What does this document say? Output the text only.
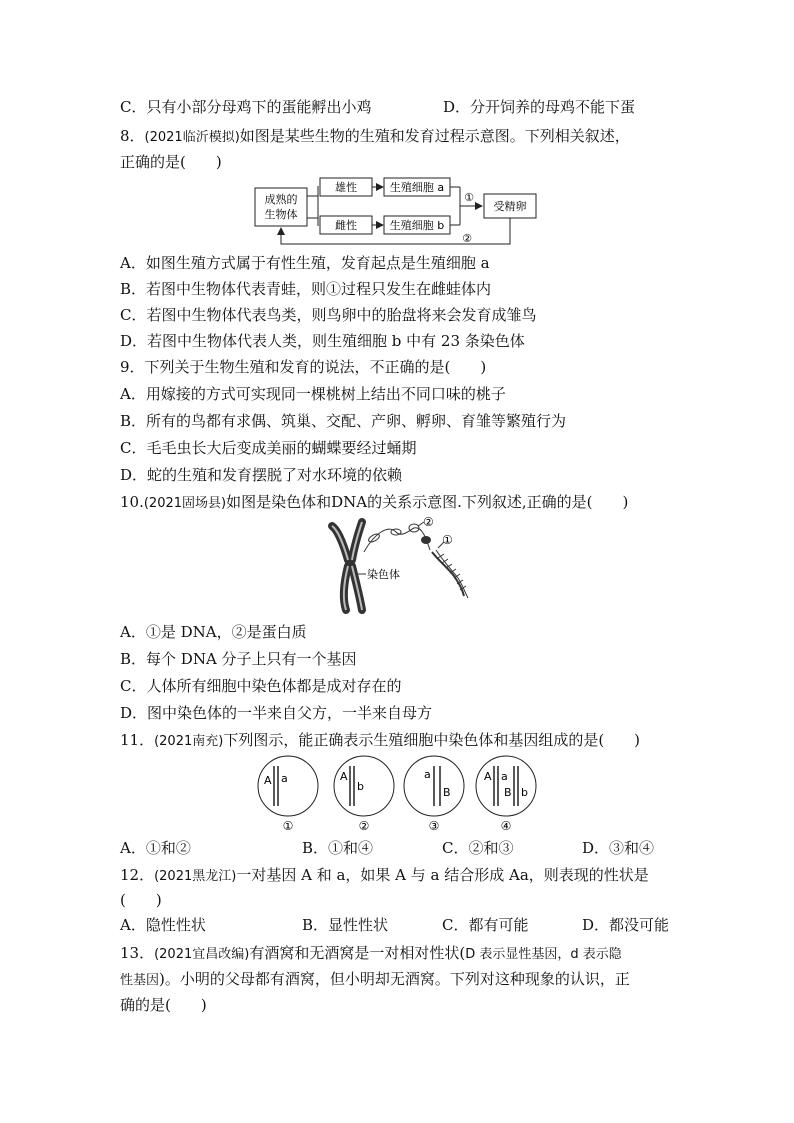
C．只有小部分母鸡下的蛋能孵出小鸡	D．分开饲养的母鸡不能下蛋
8．(2021临沂模拟)如图是某些生物的生殖和发育过程示意图。下列相关叙述，
正确的是(　　)
成熟的
生物体
雄性
雌性
生殖细胞 a
生殖细胞 b
①
受精卵
②
A．如图生殖方式属于有性生殖，发育起点是生殖细胞 a
B．若图中生物体代表青蛙，则①过程只发生在雌蛙体内
C．若图中生物体代表鸟类，则鸟卵中的胎盘将来会发育成雏鸟
D．若图中生物体代表人类，则生殖细胞 b 中有 23 条染色体
9．下列关于生物生殖和发育的说法，不正确的是(　　)
A．用嫁接的方式可实现同一棵桃树上结出不同口味的桃子
B．所有的鸟都有求偶、筑巢、交配、产卵、孵卵、育雏等繁殖行为
C．毛毛虫长大后变成美丽的蝴蝶要经过蛹期
D．蛇的生殖和发育摆脱了对水环境的依赖
10.(2021固场县)如图是染色体和DNA的关系示意图.下列叙述,正确的是(　　)
染色体
②
①
A．①是 DNA，②是蛋白质
B．每个 DNA 分子上只有一个基因
C．人体所有细胞中染色体都是成对存在的
D．图中染色体的一半来自父方，一半来自母方
11．(2021南充)下列图示，能正确表示生殖细胞中染色体和基因组成的是(　　)
A a
①
A
b
②
a
B
③
A a
B b
④
A．①和②	B．①和④	C．②和③	D．③和④
12．(2021黑龙江)一对基因 A 和 a，如果 A 与 a 结合形成 Aa，则表现的性状是
(　　)
A．隐性性状	B．显性性状	C．都有可能	D．都没可能
13．(2021宜昌改编)有酒窝和无酒窝是一对相对性状(D 表示显性基因，d 表示隐
性基因)。小明的父母都有酒窝，但小明却无酒窝。下列对这种现象的认识，正
确的是(　　)
